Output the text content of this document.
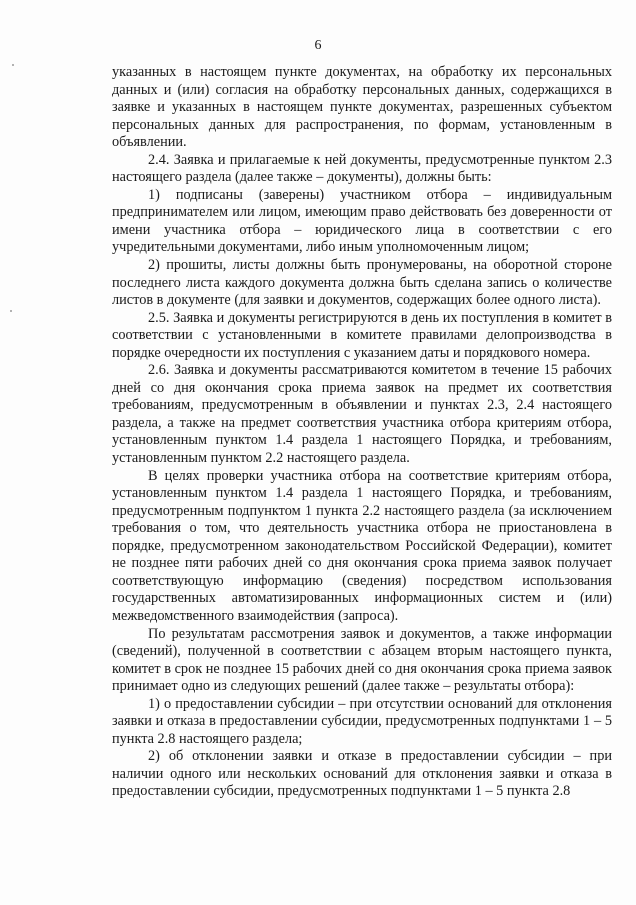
6

указанных в настоящем пункте документах, на обработку их персональных данных и (или) согласия на обработку персональных данных, содержащихся в заявке и указанных в настоящем пункте документах, разрешенных субъектом персональных данных для распространения, по формам, установленным в объявлении.

2.4. Заявка и прилагаемые к ней документы, предусмотренные пунктом 2.3 настоящего раздела (далее также – документы), должны быть:

1) подписаны (заверены) участником отбора – индивидуальным предпринимателем или лицом, имеющим право действовать без доверенности от имени участника отбора – юридического лица в соответствии с его учредительными документами, либо иным уполномоченным лицом;

2) прошиты, листы должны быть пронумерованы, на оборотной стороне последнего листа каждого документа должна быть сделана запись о количестве листов в документе (для заявки и документов, содержащих более одного листа).

2.5. Заявка и документы регистрируются в день их поступления в комитет в соответствии с установленными в комитете правилами делопроизводства в порядке очередности их поступления с указанием даты и порядкового номера.

2.6. Заявка и документы рассматриваются комитетом в течение 15 рабочих дней со дня окончания срока приема заявок на предмет их соответствия требованиям, предусмотренным в объявлении и пунктах 2.3, 2.4 настоящего раздела, а также на предмет соответствия участника отбора критериям отбора, установленным пунктом 1.4 раздела 1 настоящего Порядка, и требованиям, установленным пунктом 2.2 настоящего раздела.

В целях проверки участника отбора на соответствие критериям отбора, установленным пунктом 1.4 раздела 1 настоящего Порядка, и требованиям, предусмотренным подпунктом 1 пункта 2.2 настоящего раздела (за исключением требования о том, что деятельность участника отбора не приостановлена в порядке, предусмотренном законодательством Российской Федерации), комитет не позднее пяти рабочих дней со дня окончания срока приема заявок получает соответствующую информацию (сведения) посредством использования государственных автоматизированных информационных систем и (или) межведомственного взаимодействия (запроса).

По результатам рассмотрения заявок и документов, а также информации (сведений), полученной в соответствии с абзацем вторым настоящего пункта, комитет в срок не позднее 15 рабочих дней со дня окончания срока приема заявок принимает одно из следующих решений (далее также – результаты отбора):

1) о предоставлении субсидии – при отсутствии оснований для отклонения заявки и отказа в предоставлении субсидии, предусмотренных подпунктами 1 – 5 пункта 2.8 настоящего раздела;

2) об отклонении заявки и отказе в предоставлении субсидии – при наличии одного или нескольких оснований для отклонения заявки и отказа в предоставлении субсидии, предусмотренных подпунктами 1 – 5 пункта 2.8
